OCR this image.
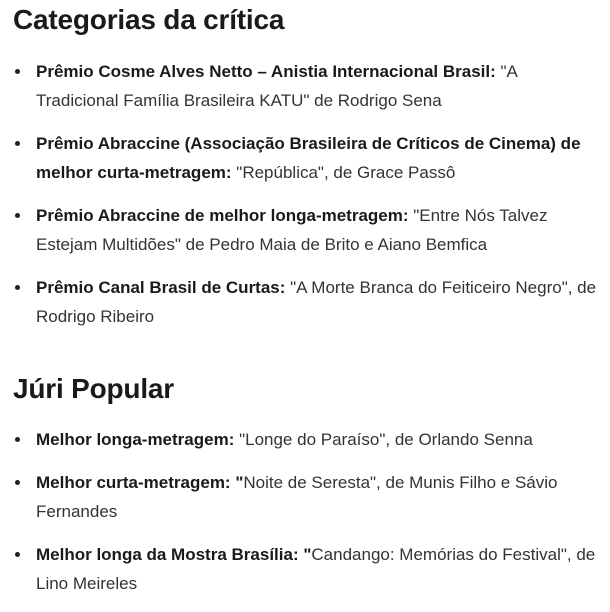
Categorias da crítica
Prêmio Cosme Alves Netto – Anistia Internacional Brasil: "A Tradicional Família Brasileira KATU" de Rodrigo Sena
Prêmio Abraccine (Associação Brasileira de Críticos de Cinema) de melhor curta-metragem: "República", de Grace Passô
Prêmio Abraccine de melhor longa-metragem: "Entre Nós Talvez Estejam Multidões" de Pedro Maia de Brito e Aiano Bemfica
Prêmio Canal Brasil de Curtas: "A Morte Branca do Feiticeiro Negro", de Rodrigo Ribeiro
Júri Popular
Melhor longa-metragem: "Longe do Paraíso", de Orlando Senna
Melhor curta-metragem: "Noite de Seresta", de Munis Filho e Sávio Fernandes
Melhor longa da Mostra Brasília: "Candango: Memórias do Festival", de Lino Meireles
